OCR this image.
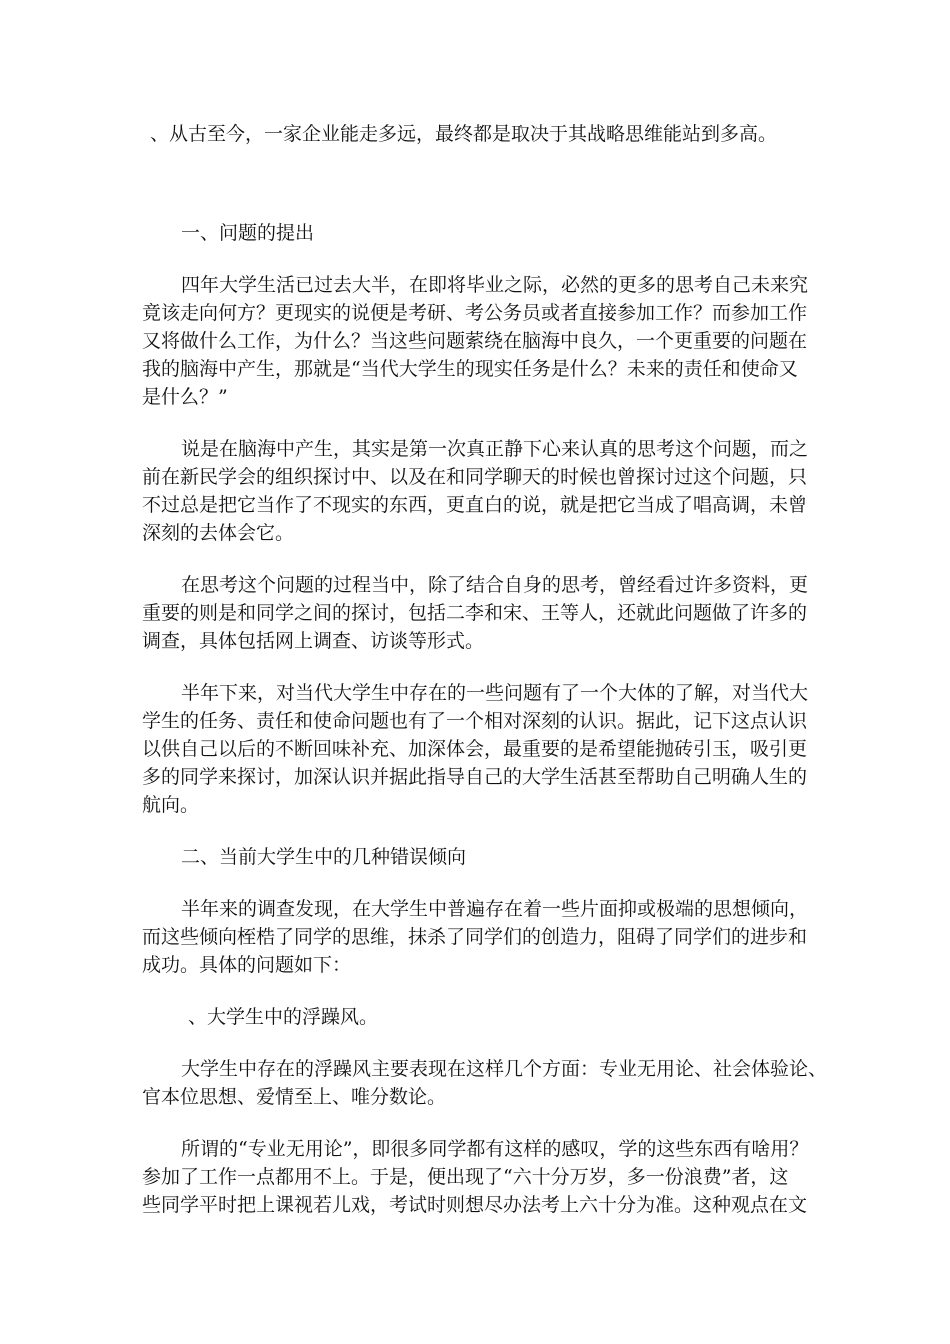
、从古至今，一家企业能走多远，最终都是取决于其战略思维能站到多高。
一、问题的提出
四年大学生活已过去大半，在即将毕业之际，必然的更多的思考自己未来究
竟该走向何方？更现实的说便是考研、考公务员或者直接参加工作？而参加工作
又将做什么工作，为什么？当这些问题萦绕在脑海中良久，一个更重要的问题在
我的脑海中产生，那就是“当代大学生的现实任务是什么？未来的责任和使命又
是什么？”
说是在脑海中产生，其实是第一次真正静下心来认真的思考这个问题，而之
前在新民学会的组织探讨中、以及在和同学聊天的时候也曾探讨过这个问题，只
不过总是把它当作了不现实的东西，更直白的说，就是把它当成了唱高调，未曾
深刻的去体会它。
在思考这个问题的过程当中，除了结合自身的思考，曾经看过许多资料，更
重要的则是和同学之间的探讨，包括二李和宋、王等人，还就此问题做了许多的
调查，具体包括网上调查、访谈等形式。
半年下来，对当代大学生中存在的一些问题有了一个大体的了解，对当代大
学生的任务、责任和使命问题也有了一个相对深刻的认识。据此，记下这点认识
以供自己以后的不断回味补充、加深体会，最重要的是希望能抛砖引玉，吸引更
多的同学来探讨，加深认识并据此指导自己的大学生活甚至帮助自己明确人生的
航向。
二、当前大学生中的几种错误倾向
半年来的调查发现，在大学生中普遍存在着一些片面抑或极端的思想倾向，
而这些倾向桎梏了同学的思维，抹杀了同学们的创造力，阻碍了同学们的进步和
成功。具体的问题如下：
、大学生中的浮躁风。
大学生中存在的浮躁风主要表现在这样几个方面：专业无用论、社会体验论、
官本位思想、爱情至上、唯分数论。
所谓的“专业无用论”，即很多同学都有这样的感叹，学的这些东西有啥用？
参加了工作一点都用不上。于是，便出现了“六十分万岁，多一份浪费”者，这
些同学平时把上课视若儿戏，考试时则想尽办法考上六十分为准。这种观点在文
